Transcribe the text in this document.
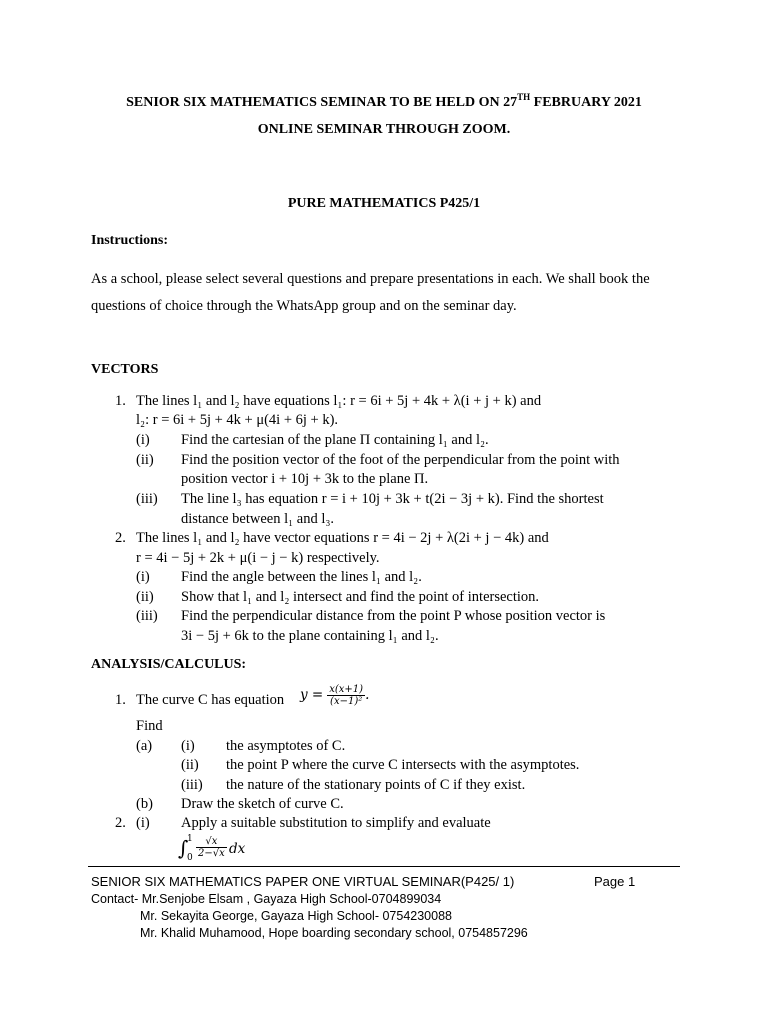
SENIOR SIX MATHEMATICS SEMINAR TO BE HELD ON 27TH FEBRUARY 2021
ONLINE SEMINAR THROUGH ZOOM.
PURE MATHEMATICS P425/1
Instructions:
As a school, please select several questions and prepare presentations in each. We shall book the
questions of choice through the WhatsApp group and on the seminar day.
VECTORS
1. The lines l₁ and l₂ have equations l₁: r = 6i + 5j + 4k + λ(i + j + k) and
l₂: r = 6i + 5j + 4k + μ(4i + 6j + k).
(i) Find the cartesian of the plane Π containing l₁ and l₂.
(ii) Find the position vector of the foot of the perpendicular from the point with
position vector i + 10j + 3k to the plane Π.
(iii) The line l₃ has equation r = i + 10j + 3k + t(2i − 3j + k). Find the shortest
distance between l₁ and l₃.
2. The lines l₁ and l₂ have vector equations r = 4i − 2j + λ(2i + j − 4k) and
r = 4i − 5j + 2k + μ(i − j − k) respectively.
(i) Find the angle between the lines l₁ and l₂.
(ii) Show that l₁ and l₂ intersect and find the point of intersection.
(iii) Find the perpendicular distance from the point P whose position vector is
3i − 5j + 6k to the plane containing l₁ and l₂.
ANALYSIS/CALCULUS:
1. The curve C has equation $y = \frac{x(x+1)}{\text{(x−1)²}}$ .
Find
(a) (i) the asymptotes of C.
(ii) the point P where the curve C intersects with the asymptotes.
(iii) the nature of the stationary points of C if they exist.
(b) Draw the sketch of curve C.
2. (i) Apply a suitable substitution to simplify and evaluate
∫
1
$0 \frac{√x}{2-√x}$ dx
SENIOR SIX MATHEMATICS PAPER ONE VIRTUAL SEMINAR(P425/ 1)	Page 1
Contact- Mr.Senjobe Elsam , Gayaza High School-0704899034
Mr. Sekayita George, Gayaza High School- 0754230088
Mr. Khalid Muhamood, Hope boarding secondary school, 0754857296
